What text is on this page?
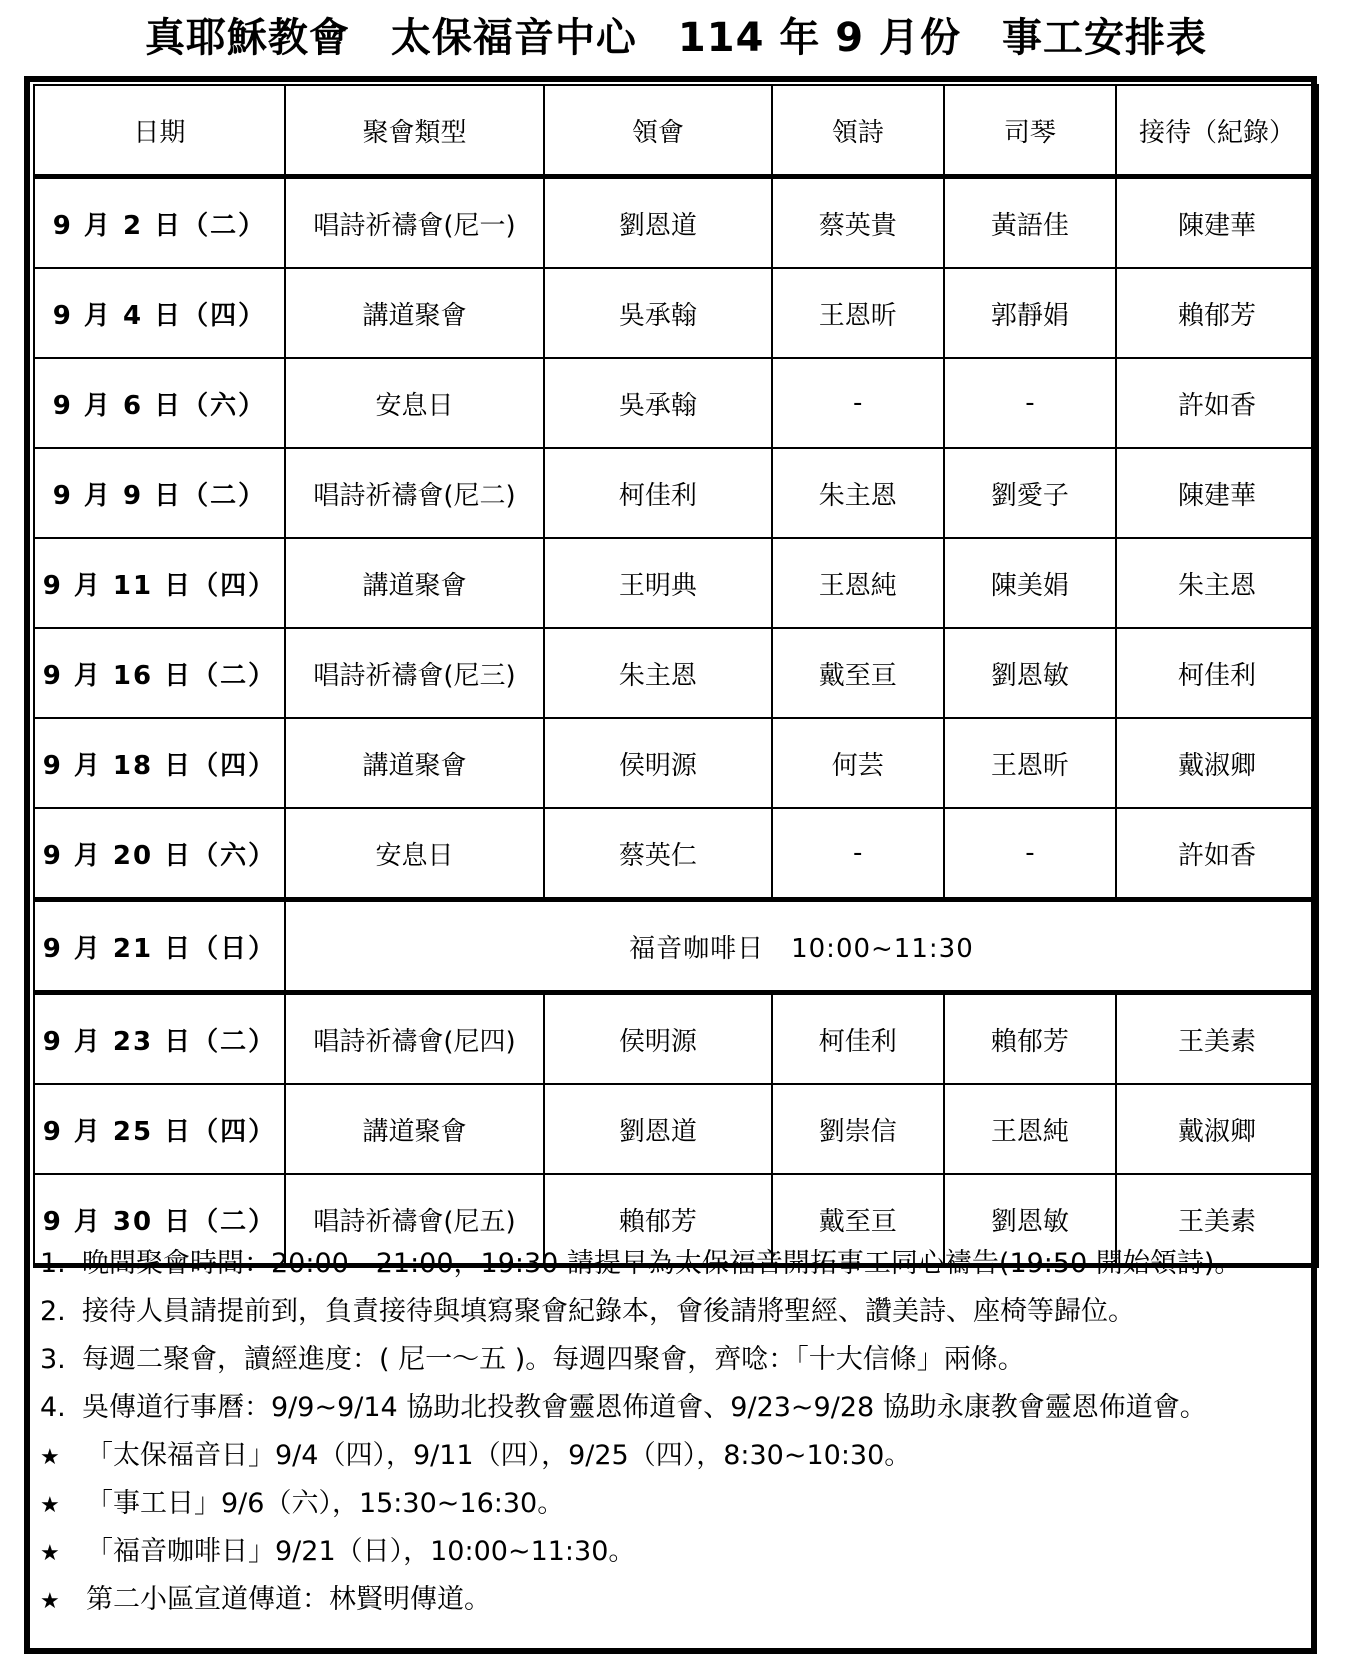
真耶穌教會　太保福音中心　114 年 9 月份　事工安排表
日期	聚會類型	領會	領詩	司琴	接待（紀錄）
9 月 2 日（二）	唱詩祈禱會(尼一)	劉恩道	蔡英貴	黃語佳	陳建華
9 月 4 日（四）	講道聚會	吳承翰	王恩昕	郭靜娟	賴郁芳
9 月 6 日（六）	安息日	吳承翰	-	-	許如香
9 月 9 日（二）	唱詩祈禱會(尼二)	柯佳利	朱主恩	劉愛子	陳建華
9 月 11 日（四）	講道聚會	王明典	王恩純	陳美娟	朱主恩
9 月 16 日（二）	唱詩祈禱會(尼三)	朱主恩	戴至亘	劉恩敏	柯佳利
9 月 18 日（四）	講道聚會	侯明源	何芸	王恩昕	戴淑卿
9 月 20 日（六）	安息日	蔡英仁	-	-	許如香
9 月 21 日（日）	福音咖啡日　10:00~11:30				
9 月 23 日（二）	唱詩祈禱會(尼四)	侯明源	柯佳利	賴郁芳	王美素
9 月 25 日（四）	講道聚會	劉恩道	劉崇信	王恩純	戴淑卿
9 月 30 日（二）	唱詩祈禱會(尼五)	賴郁芳	戴至亘	劉恩敏	王美素
1. 晚間聚會時間：20:00 - 21:00，19:30 請提早為太保福音開拓事工同心禱告(19:50 開始領詩)。
2. 接待人員請提前到，負責接待與填寫聚會紀錄本，會後請將聖經、讚美詩、座椅等歸位。
3. 每週二聚會，讀經進度：( 尼一～五 )。每週四聚會，齊唸：「十大信條」兩條。
4. 吳傳道行事曆：9/9~9/14 協助北投教會靈恩佈道會、9/23~9/28 協助永康教會靈恩佈道會。
★ 「太保福音日」9/4（四），9/11（四），9/25（四），8:30~10:30。
★ 「事工日」9/6（六），15:30~16:30。
★ 「福音咖啡日」9/21（日），10:00~11:30。
★ 第二小區宣道傳道：林賢明傳道。
